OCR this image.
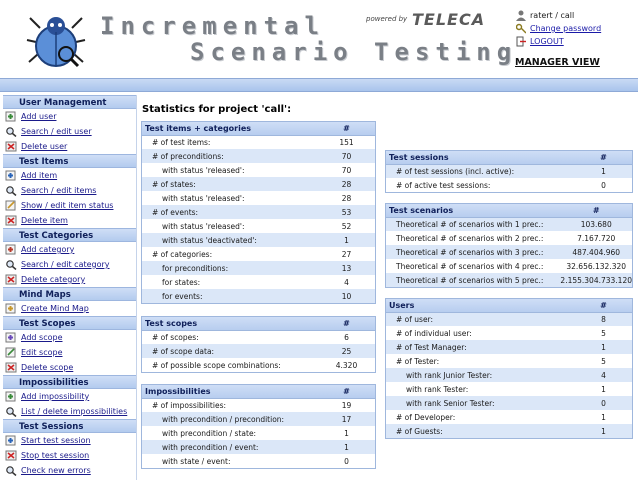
Incremental
Scenario Testing
powered by TELECA	ratert / call
Change password
LOGOUT
MANAGER VIEW
User Management
Add user
Search / edit user
Delete user
Test Items
Add item
Search / edit items
Show / edit item status
Delete item
Test Categories
Add category
Search / edit category
Delete category
Mind Maps
Create Mind Map
Test Scopes
Add scope
Edit scope
Delete scope
Impossibilities
Add impossibility
List / delete impossibilities
Test Sessions
Start test session
Stop test session
Check new errors
Statistics for project 'call':
Test items + categories	#
# of test items:	151
# of preconditions:	70
with status 'released':	70
# of states:	28
with status 'released':	28
# of events:	53
with status 'released':	52
with status 'deactivated':	1
# of categories:	27
for preconditions:	13
for states:	4
for events:	10
Test scopes	#
# of scopes:	6
# of scope data:	25
# of possible scope combinations:	4.320
Impossibilities	#
# of impossibilities:	19
with precondition / precondition:	17
with precondition / state:	1
with precondition / event:	1
with state / event:	0
Test sessions	#
# of test sessions (incl. active):	1
# of active test sessions:	0
Test scenarios	#
Theoretical # of scenarios with 1 prec.:	103.680
Theoretical # of scenarios with 2 prec.:	7.167.720
Theoretical # of scenarios with 3 prec.:	487.404.960
Theoretical # of scenarios with 4 prec.:	32.656.132.320
Theoretical # of scenarios with 5 prec.:	2.155.304.733.120
Users	#
# of user:	8
# of individual user:	5
# of Test Manager:	1
# of Tester:	5
with rank Junior Tester:	4
with rank Tester:	1
with rank Senior Tester:	0
# of Developer:	1
# of Guests:	1
